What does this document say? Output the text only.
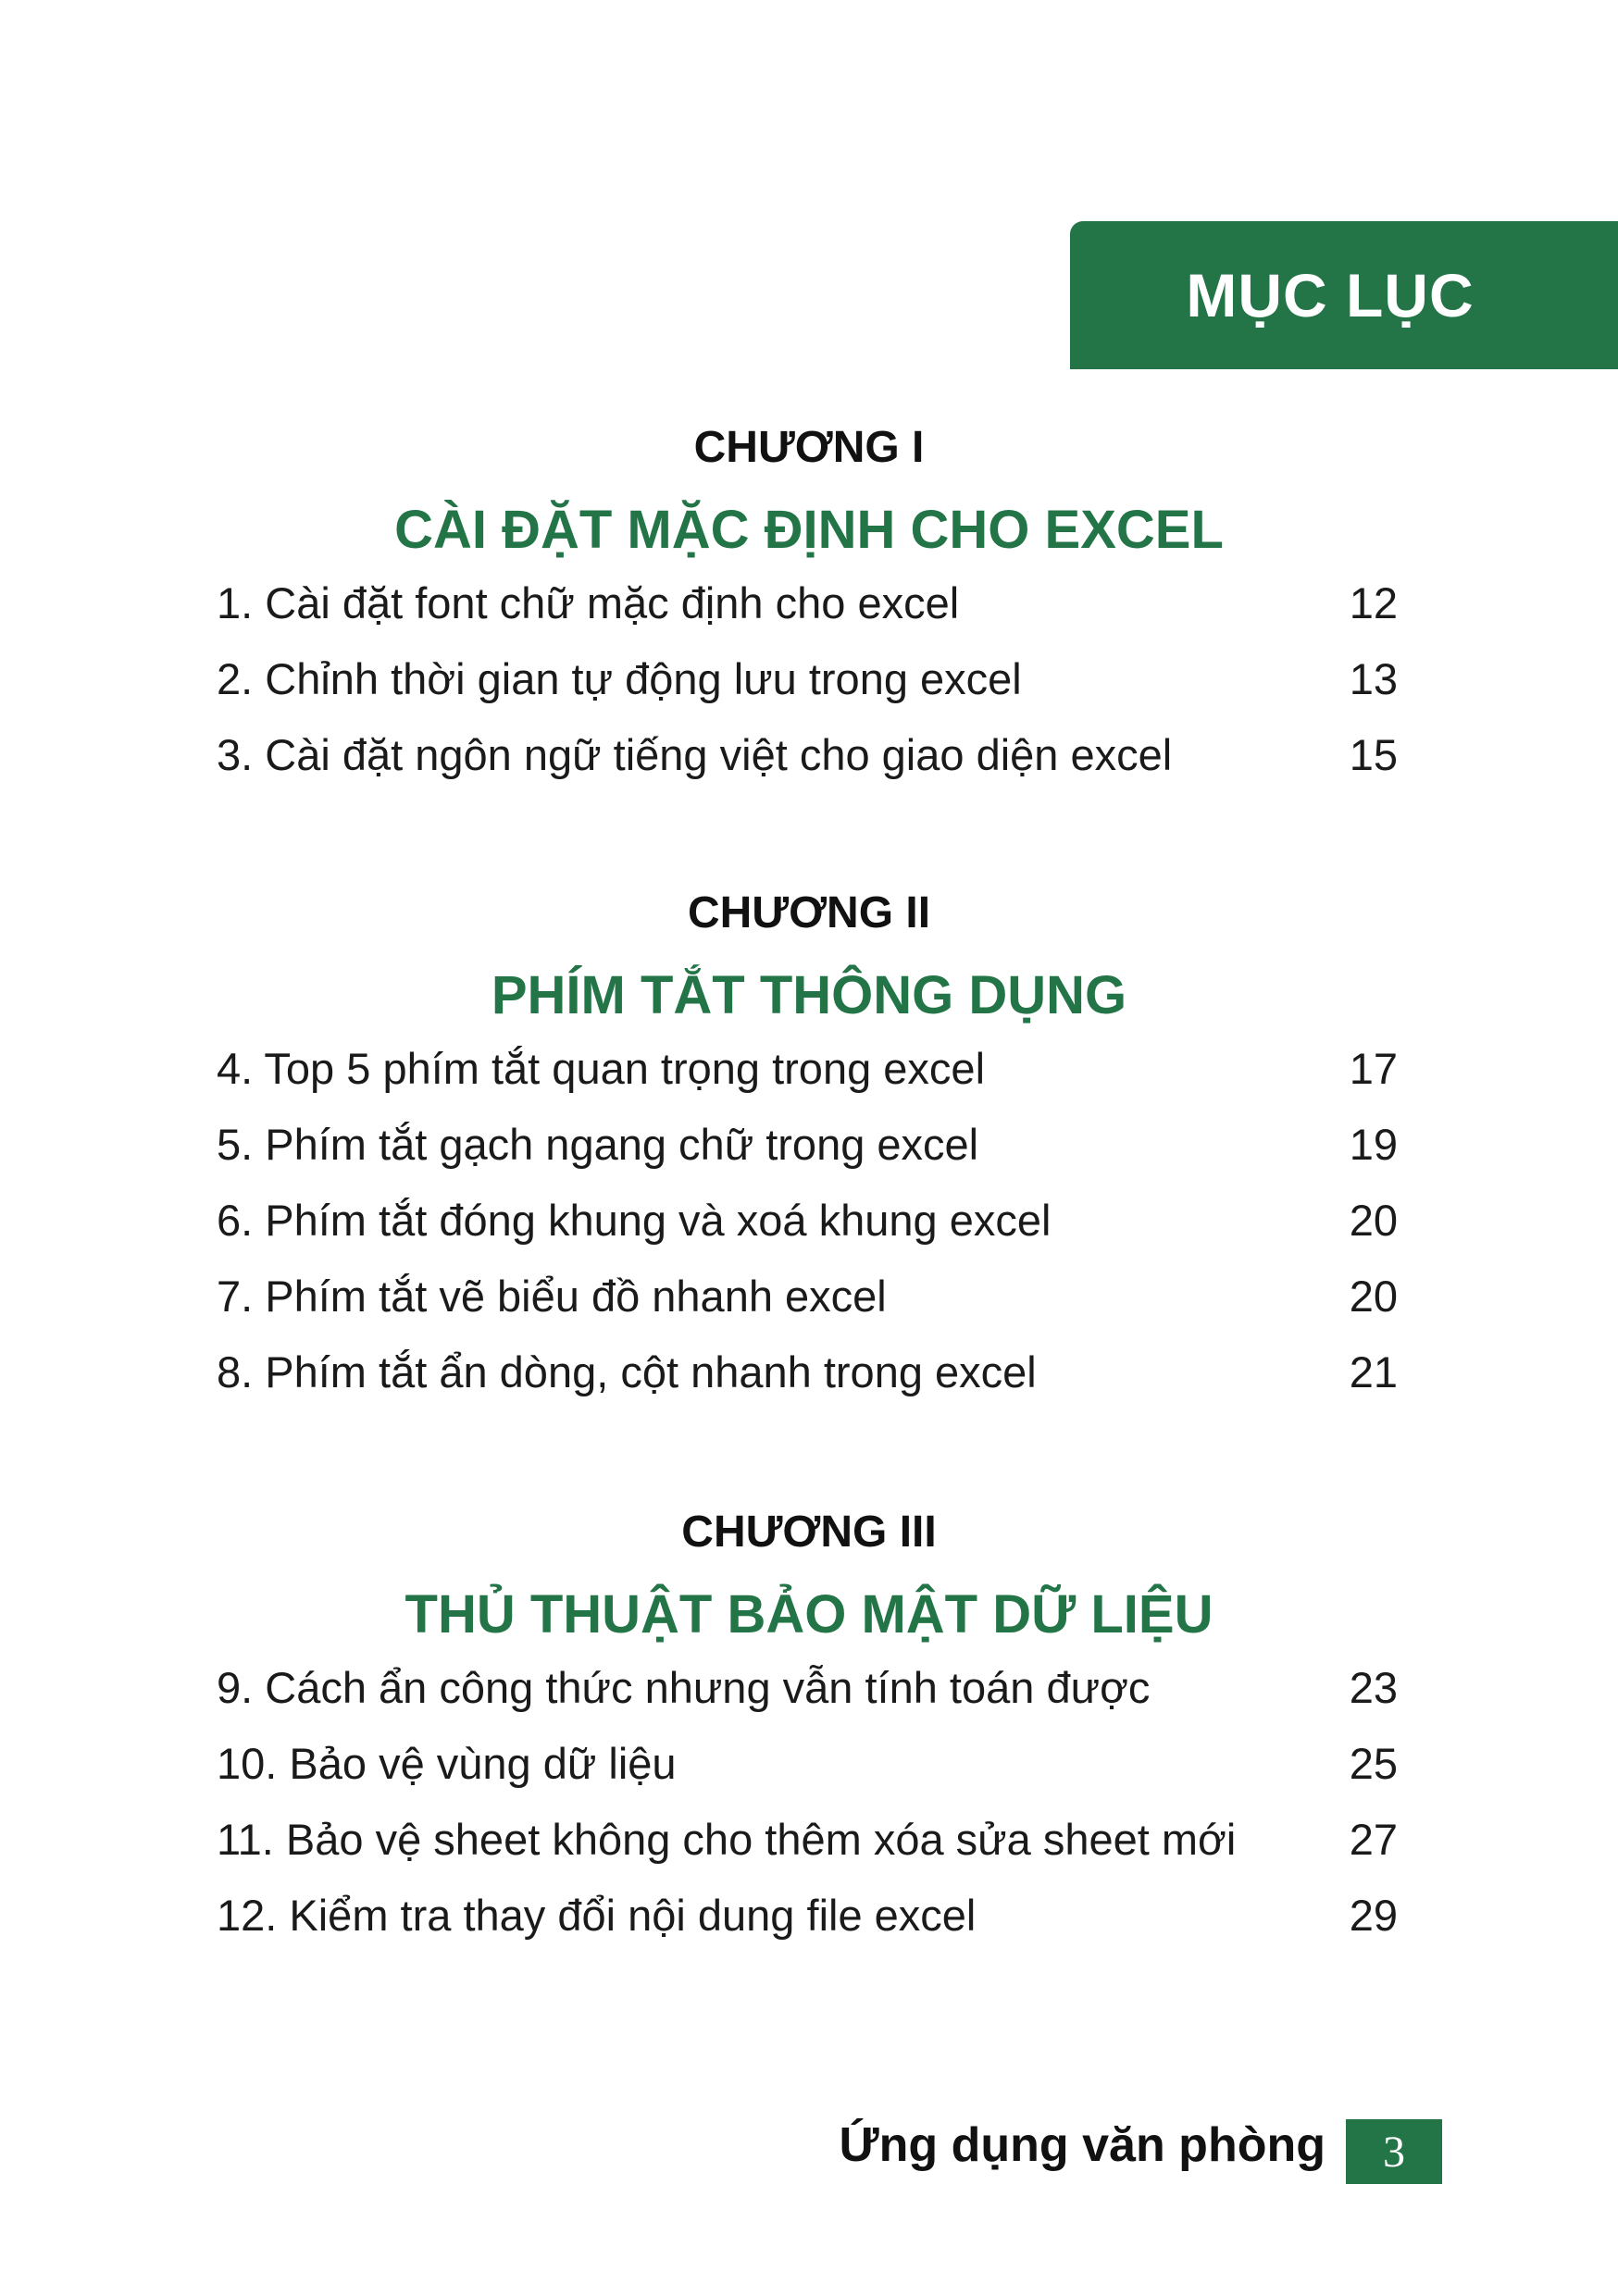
MỤC LỤC
CHƯƠNG I
CÀI ĐẶT MẶC ĐỊNH CHO EXCEL
1. Cài đặt font chữ mặc định cho excel	12
2. Chỉnh thời gian tự động lưu trong excel	13
3. Cài đặt ngôn ngữ tiếng việt cho giao diện excel	15
CHƯƠNG II
PHÍM TẮT THÔNG DỤNG
4. Top 5 phím tắt quan trọng trong excel	17
5. Phím tắt gạch ngang chữ trong excel	19
6. Phím tắt đóng khung và xoá khung excel	20
7. Phím tắt vẽ biểu đồ nhanh excel	20
8. Phím tắt ẩn dòng, cột nhanh trong excel	21
CHƯƠNG III
THỦ THUẬT BẢO MẬT DỮ LIỆU
9. Cách ẩn công thức nhưng vẫn tính toán được	23
10. Bảo vệ vùng dữ liệu	25
11. Bảo vệ sheet không cho thêm xóa sửa sheet mới	27
12. Kiểm tra thay đổi nội dung file excel	29
Ứng dụng văn phòng 3
